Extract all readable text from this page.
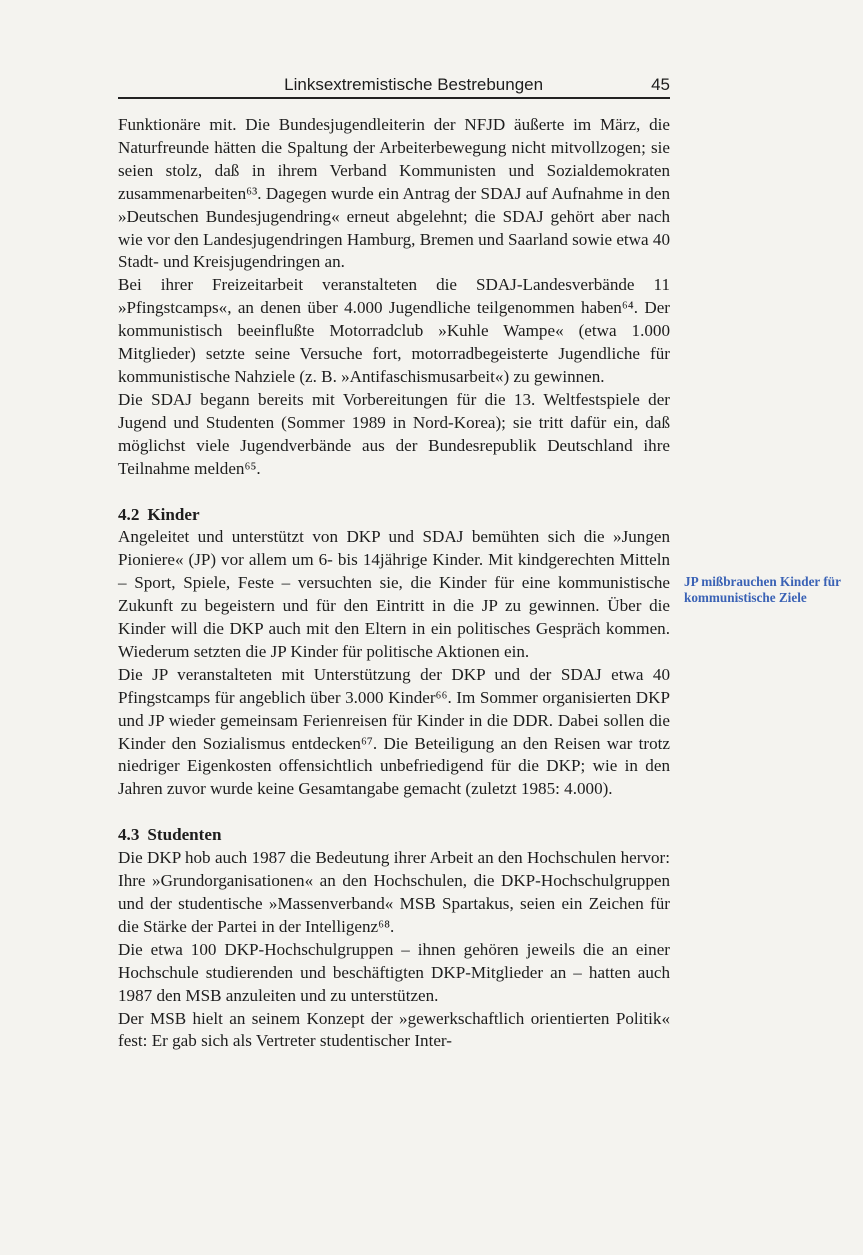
Linksextremistische Bestrebungen	45

Funktionäre mit. Die Bundesjugendleiterin der NFJD äußerte im März, die Naturfreunde hätten die Spaltung der Arbeiterbewegung nicht mitvollzogen; sie seien stolz, daß in ihrem Verband Kommunisten und Sozialdemokraten zusammenarbeiten⁶³. Dagegen wurde ein Antrag der SDAJ auf Aufnahme in den »Deutschen Bundesjugendring« erneut abgelehnt; die SDAJ gehört aber nach wie vor den Landesjugendringen Hamburg, Bremen und Saarland sowie etwa 40 Stadt- und Kreisjugendringen an.

Bei ihrer Freizeitarbeit veranstalteten die SDAJ-Landesverbände 11 »Pfingstcamps«, an denen über 4.000 Jugendliche teilgenommen haben⁶⁴. Der kommunistisch beeinflußte Motorradclub »Kuhle Wampe« (etwa 1.000 Mitglieder) setzte seine Versuche fort, motorradbegeisterte Jugendliche für kommunistische Nahziele (z. B. »Antifaschismusarbeit«) zu gewinnen.

Die SDAJ begann bereits mit Vorbereitungen für die 13. Weltfestspiele der Jugend und Studenten (Sommer 1989 in Nord-Korea); sie tritt dafür ein, daß möglichst viele Jugendverbände aus der Bundesrepublik Deutschland ihre Teilnahme melden⁶⁵.

4.2 Kinder

Angeleitet und unterstützt von DKP und SDAJ bemühten sich die »Jungen Pioniere« (JP) vor allem um 6- bis 14jährige Kinder. Mit kindgerechten Mitteln – Sport, Spiele, Feste – versuchten sie, die Kinder für eine kommunistische Zukunft zu begeistern und für den Eintritt in die JP zu gewinnen. Über die Kinder will die DKP auch mit den Eltern in ein politisches Gespräch kommen. Wiederum setzten die JP Kinder für politische Aktionen ein.

Die JP veranstalteten mit Unterstützung der DKP und der SDAJ etwa 40 Pfingstcamps für angeblich über 3.000 Kinder⁶⁶. Im Sommer organisierten DKP und JP wieder gemeinsam Ferienreisen für Kinder in die DDR. Dabei sollen die Kinder den Sozialismus entdecken⁶⁷. Die Beteiligung an den Reisen war trotz niedriger Eigenkosten offensichtlich unbefriedigend für die DKP; wie in den Jahren zuvor wurde keine Gesamtangabe gemacht (zuletzt 1985: 4.000).

4.3 Studenten

Die DKP hob auch 1987 die Bedeutung ihrer Arbeit an den Hochschulen hervor: Ihre »Grundorganisationen« an den Hochschulen, die DKP-Hochschulgruppen und der studentische »Massenverband« MSB Spartakus, seien ein Zeichen für die Stärke der Partei in der Intelligenz⁶⁸.

Die etwa 100 DKP-Hochschulgruppen – ihnen gehören jeweils die an einer Hochschule studierenden und beschäftigten DKP-Mitglieder an – hatten auch 1987 den MSB anzuleiten und zu unterstützen.

Der MSB hielt an seinem Konzept der »gewerkschaftlich orientierten Politik« fest: Er gab sich als Vertreter studentischer Inter-

JP mißbrauchen Kinder für kommunistische Ziele
